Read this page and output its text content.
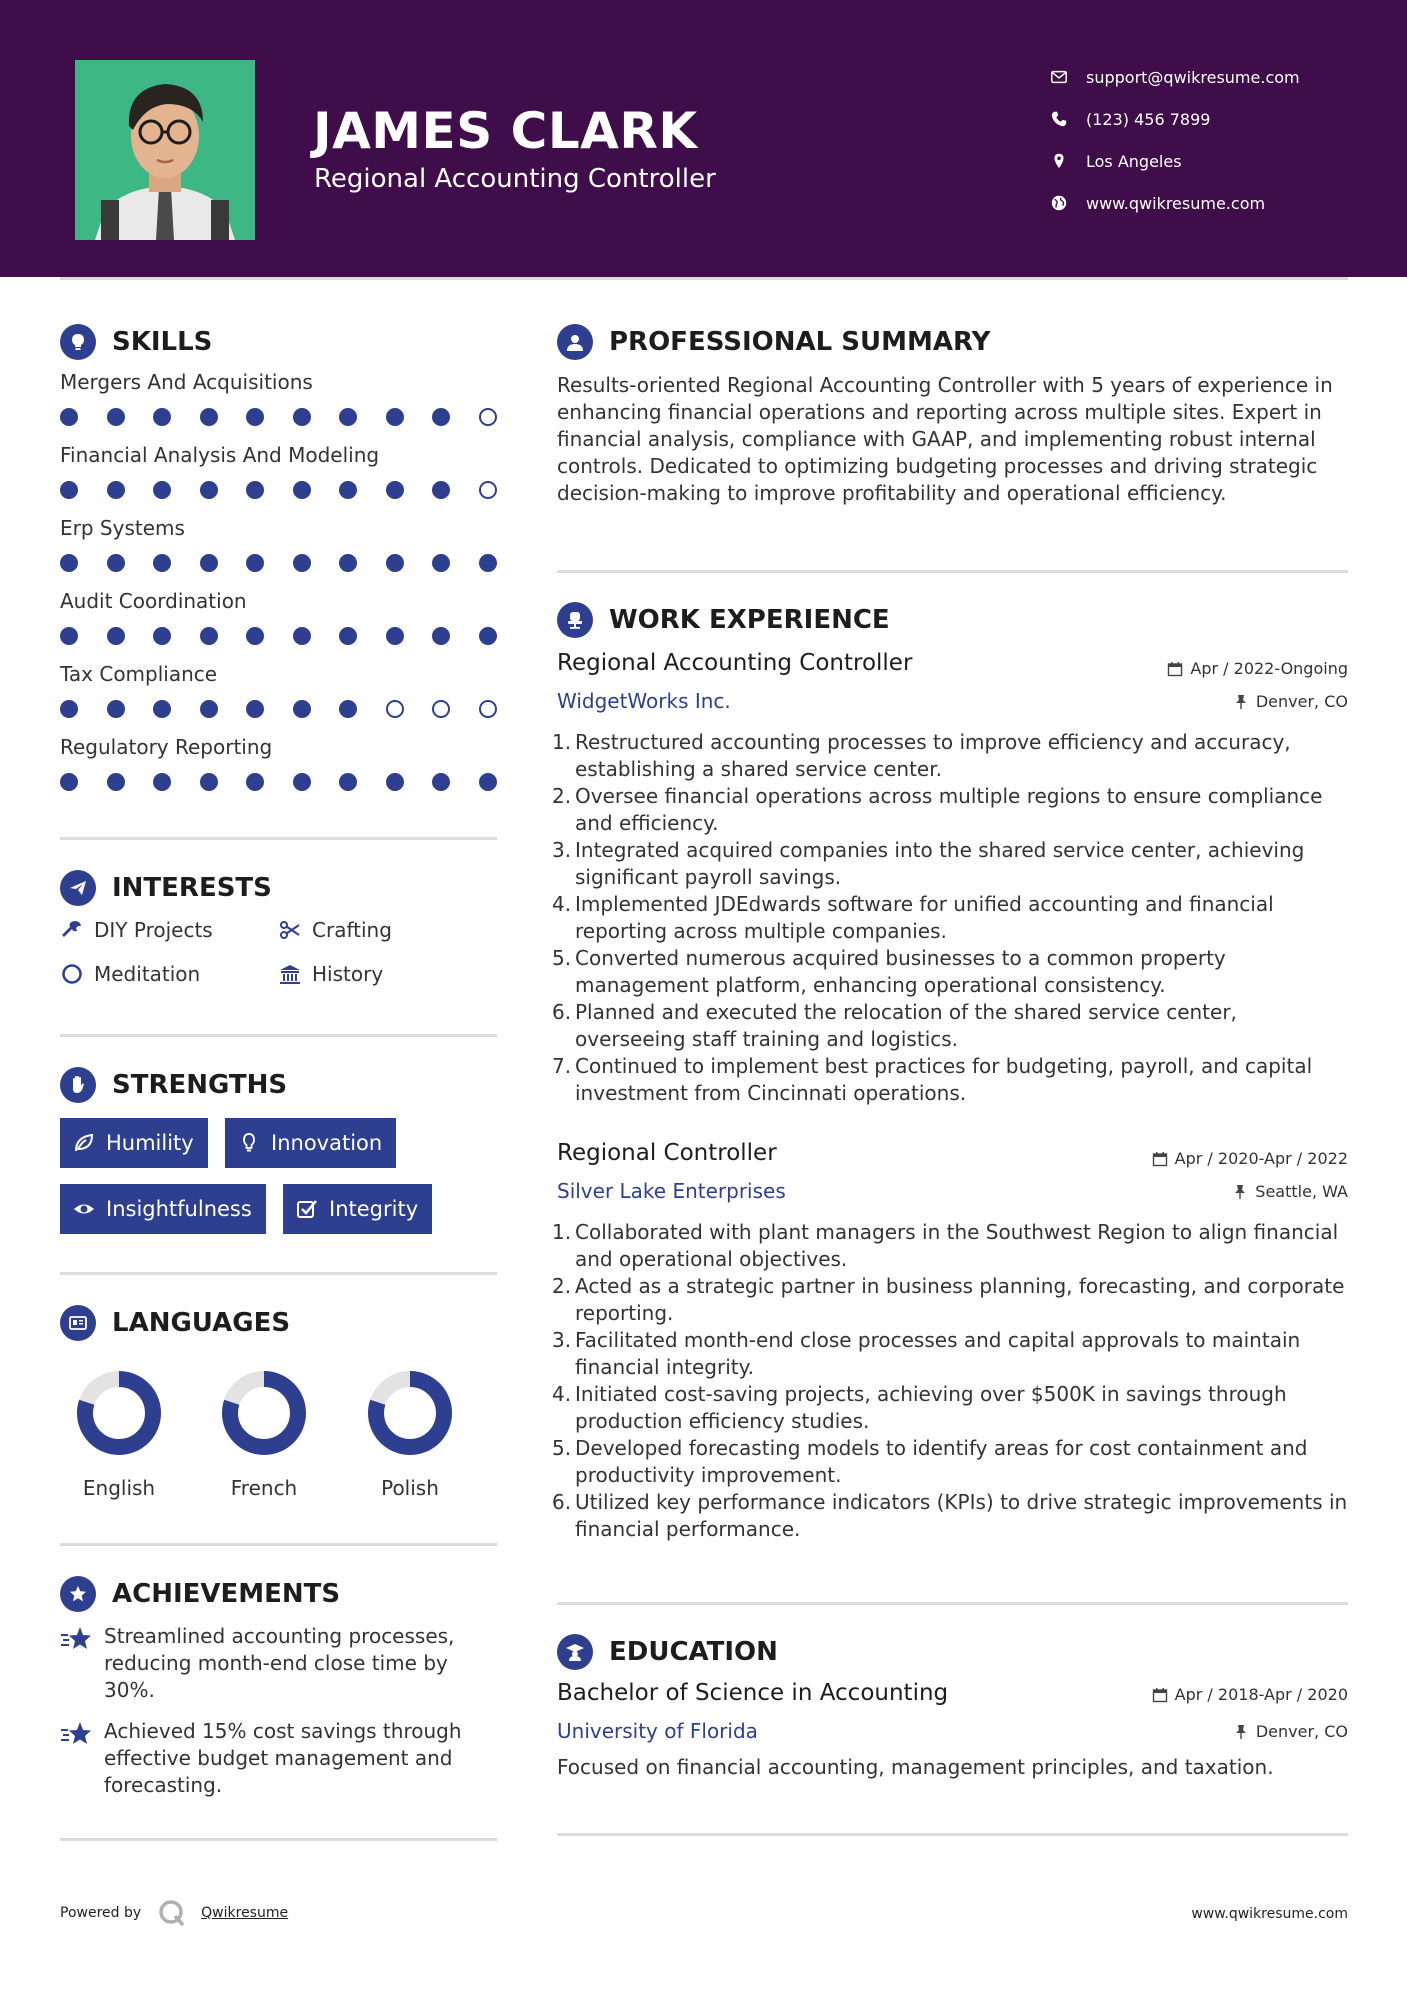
JAMES CLARK
Regional Accounting Controller
support@qwikresume.com
(123) 456 7899
Los Angeles
www.qwikresume.com
SKILLS
Mergers And Acquisitions
Financial Analysis And Modeling
Erp Systems
Audit Coordination
Tax Compliance
Regulatory Reporting
INTERESTS
DIY Projects	Crafting
Meditation	History
STRENGTHS
Humility	Innovation
Insightfulness	Integrity
LANGUAGES
English	French	Polish
ACHIEVEMENTS
Streamlined accounting processes, reducing month-end close time by 30%.
Achieved 15% cost savings through effective budget management and forecasting.
PROFESSIONAL SUMMARY
Results-oriented Regional Accounting Controller with 5 years of experience in enhancing financial operations and reporting across multiple sites. Expert in financial analysis, compliance with GAAP, and implementing robust internal controls. Dedicated to optimizing budgeting processes and driving strategic decision-making to improve profitability and operational efficiency.
WORK EXPERIENCE
Regional Accounting Controller	Apr / 2022-Ongoing
WidgetWorks Inc.	Denver, CO
1. Restructured accounting processes to improve efficiency and accuracy, establishing a shared service center.
2. Oversee financial operations across multiple regions to ensure compliance and efficiency.
3. Integrated acquired companies into the shared service center, achieving significant payroll savings.
4. Implemented JDEdwards software for unified accounting and financial reporting across multiple companies.
5. Converted numerous acquired businesses to a common property management platform, enhancing operational consistency.
6. Planned and executed the relocation of the shared service center, overseeing staff training and logistics.
7. Continued to implement best practices for budgeting, payroll, and capital investment from Cincinnati operations.
Regional Controller	Apr / 2020-Apr / 2022
Silver Lake Enterprises	Seattle, WA
1. Collaborated with plant managers in the Southwest Region to align financial and operational objectives.
2. Acted as a strategic partner in business planning, forecasting, and corporate reporting.
3. Facilitated month-end close processes and capital approvals to maintain financial integrity.
4. Initiated cost-saving projects, achieving over $500K in savings through production efficiency studies.
5. Developed forecasting models to identify areas for cost containment and productivity improvement.
6. Utilized key performance indicators (KPIs) to drive strategic improvements in financial performance.
EDUCATION
Bachelor of Science in Accounting	Apr / 2018-Apr / 2020
University of Florida	Denver, CO
Focused on financial accounting, management principles, and taxation.
Powered by	Qwikresume	www.qwikresume.com
